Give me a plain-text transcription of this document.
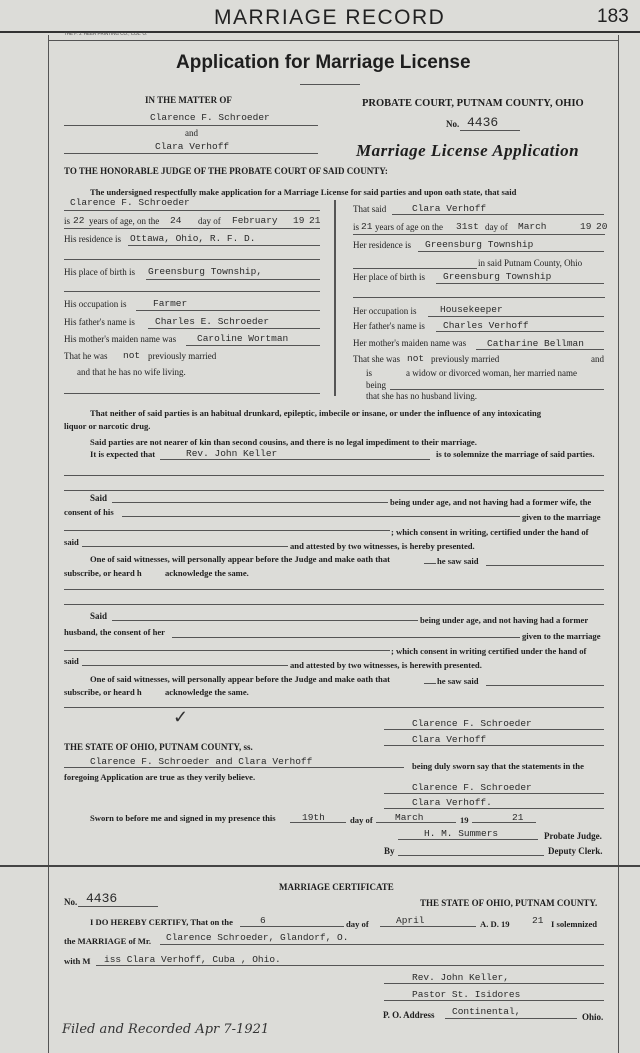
MARRIAGE RECORD	183
THE F. J. HEER PRINTING CO., COL. O.
Application for Marriage License
IN THE MATTER OF
Clarence F. Schroeder
and
Clara Verhoff
PROBATE COURT, PUTNAM COUNTY, OHIO
No. 4436
Marriage License Application
TO THE HONORABLE JUDGE OF THE PROBATE COURT OF SAID COUNTY:
The undersigned respectfully make application for a Marriage License for said parties and upon oath state, that said
Clarence F. Schroeder
is 22 years of age, on the 24 day of February 19 21
His residence is Ottawa, Ohio, R. F. D.
His place of birth is Greensburg Township,
His occupation is	Farmer
His father's name is Charles E. Schroeder
His mother's maiden name was Caroline Wortman
That he was not previously married
and that he has no wife living.
That said	Clara Verhoff
is 21 years of age on the 31st day of March	19 20
Her residence is Greensburg Township
in said Putnam County, Ohio
Her place of birth is Greensburg Township
Her occupation is Housekeeper
Her father's name is Charles Verhoff
Her mother's maiden name was Catharine Bellman
That she was not previously married	and
is	a widow or divorced woman, her married name
being
that she has no husband living.
That neither of said parties is an habitual drunkard, epileptic, imbecile or insane, or under the influence of any intoxicating
liquor or narcotic drug.
Said parties are not nearer of kin than second cousins, and there is no legal impediment to their marriage.
It is expected that	Rev. John Keller	is to solemnize the marriage of said parties.
Said	being under age, and not having had a former wife, the
consent of his	given to the marriage
; which consent in writing, certified under the hand of
said	and attested by two witnesses, is hereby presented.
One of said witnesses, will personally appear before the Judge and make oath that	he saw said
subscribe, or heard h	acknowledge the same.
Said	being under age, and not having had a former
husband, the consent of her	given to the marriage
; which consent in writing certified under the hand of
said	and attested by two witnesses, is herewith presented.
One of said witnesses, will personally appear before the Judge and make oath that	he saw said
subscribe, or heard h	acknowledge the same.
✓	Clarence F. Schroeder
Clara Verhoff
THE STATE OF OHIO, PUTNAM COUNTY, ss.
Clarence F. Schroeder and Clara Verhoff	being duly sworn say that the statements in the
foregoing Application are true as they verily believe.
Clarence F. Schroeder
Clara Verhoff.
Sworn to before me and signed in my presence this	19th	day of March	19	21
H. M. Summers	Probate Judge.
By	Deputy Clerk.
MARRIAGE CERTIFICATE
No. 4436	THE STATE OF OHIO, PUTNAM COUNTY.
I DO HEREBY CERTIFY, That on the	6	day of	April	A. D. 19 21 I solemnized
the MARRIAGE of Mr. Clarence Schroeder, Glandorf, O.
with M iss Clara Verhoff, Cuba , Ohio.
Rev. John Keller,
Pastor St. Isidores
P. O. Address Continental,	Ohio.
Filed and Recorded Apr 7-1921
